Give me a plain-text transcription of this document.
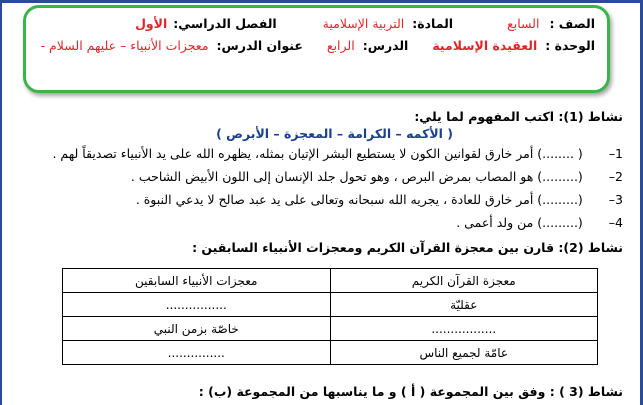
الصف : السابع المادة: التربية الإسلامية الفصل الدراسي: الأول
الوحدة : العقيدة الإسلامية الدرس: الرابع عنوان الدرس: معجزات الأنبياء – عليهم السلام -
نشاط (1): اكتب المفهوم لما يلي:
( الأكمه – الكرامة – المعجزة – الأبرص )
1– ( ........) أمر خارق لقوانين الكون لا يستطيع البشر الإتيان بمثله، يظهره الله على يد الأنبياء تصديقاً لهم .
2– (.........) هو المصاب بمرض البرص ، وهو تحول جلد الإنسان إلى اللون الأبيض الشاحب .
3– (.........) أمر خارق للعادة ، يجريه الله سبحانه وتعالى على يد عبد صالح لا يدعي النبوة .
4– (.........) من ولد أعمى .
نشاط (2): قارن بين معجزة القرآن الكريم ومعجزات الأنبياء السابقين :
معجزة القرآن الكريم	معجزات الأنبياء السابقين
عقليّة	................
.................	خاصّة بزمن النبي
عامّة لجميع الناس	...............
نشاط (3 ) : وفق بين المجموعة ( أ ) و ما يناسبها من المجموعة (ب) :
